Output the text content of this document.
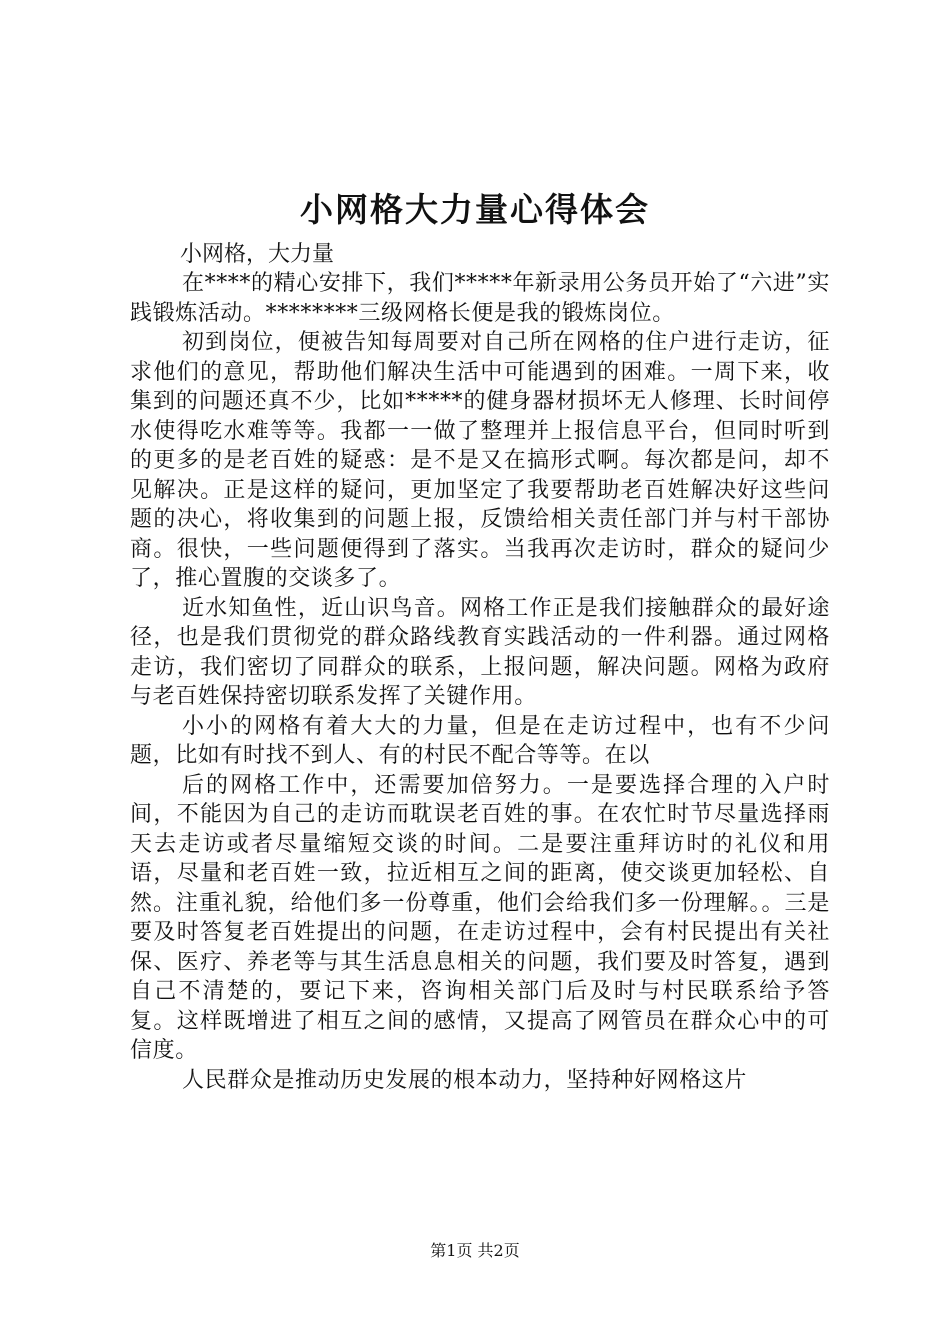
小网格大力量心得体会

小网格，大力量

在****的精心安排下，我们*****年新录用公务员开始了“六进”实践锻炼活动。********三级网格长便是我的锻炼岗位。

初到岗位，便被告知每周要对自己所在网格的住户进行走访，征求他们的意见，帮助他们解决生活中可能遇到的困难。一周下来，收集到的问题还真不少，比如*****的健身器材损坏无人修理、长时间停水使得吃水难等等。我都一一做了整理并上报信息平台，但同时听到的更多的是老百姓的疑惑：是不是又在搞形式啊。每次都是问，却不见解决。正是这样的疑问，更加坚定了我要帮助老百姓解决好这些问题的决心，将收集到的问题上报，反馈给相关责任部门并与村干部协商。很快，一些问题便得到了落实。当我再次走访时，群众的疑问少了，推心置腹的交谈多了。

近水知鱼性，近山识鸟音。网格工作正是我们接触群众的最好途径，也是我们贯彻党的群众路线教育实践活动的一件利器。通过网格走访，我们密切了同群众的联系，上报问题，解决问题。网格为政府与老百姓保持密切联系发挥了关键作用。

小小的网格有着大大的力量，但是在走访过程中，也有不少问题，比如有时找不到人、有的村民不配合等等。在以

后的网格工作中，还需要加倍努力。一是要选择合理的入户时间，不能因为自己的走访而耽误老百姓的事。在农忙时节尽量选择雨天去走访或者尽量缩短交谈的时间。二是要注重拜访时的礼仪和用语，尽量和老百姓一致，拉近相互之间的距离，使交谈更加轻松、自然。注重礼貌，给他们多一份尊重，他们会给我们多一份理解。。三是要及时答复老百姓提出的问题，在走访过程中，会有村民提出有关社保、医疗、养老等与其生活息息相关的问题，我们要及时答复，遇到自己不清楚的，要记下来，咨询相关部门后及时与村民联系给予答复。这样既增进了相互之间的感情，又提高了网管员在群众心中的可信度。

人民群众是推动历史发展的根本动力，坚持种好网格这片

第1页 共2页
